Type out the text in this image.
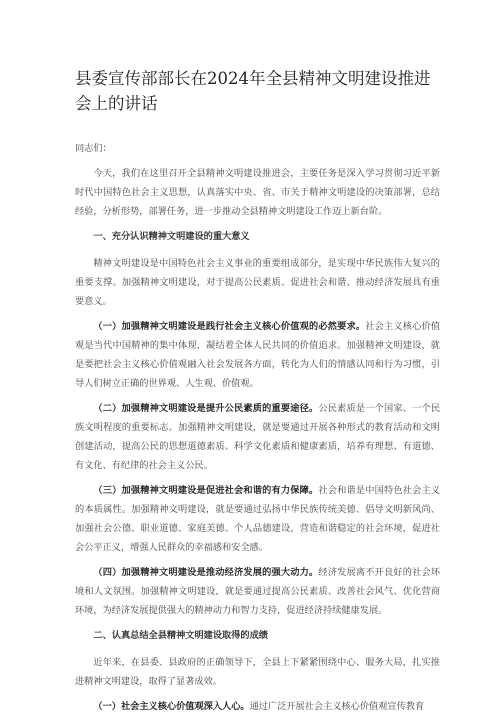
县委宣传部部长在2024年全县精神文明建设推进会上的讲话
同志们：

今天，我们在这里召开全县精神文明建设推进会，主要任务是深入学习贯彻习近平新时代中国特色社会主义思想，认真落实中央、省、市关于精神文明建设的决策部署，总结经验，分析形势，部署任务，进一步推动全县精神文明建设工作迈上新台阶。

一、充分认识精神文明建设的重大意义

精神文明建设是中国特色社会主义事业的重要组成部分，是实现中华民族伟大复兴的重要支撑。加强精神文明建设，对于提高公民素质、促进社会和谐、推动经济发展具有重要意义。

（一）加强精神文明建设是践行社会主义核心价值观的必然要求。社会主义核心价值观是当代中国精神的集中体现，凝结着全体人民共同的价值追求。加强精神文明建设，就是要把社会主义核心价值观融入社会发展各方面，转化为人们的情感认同和行为习惯，引导人们树立正确的世界观、人生观、价值观。

（二）加强精神文明建设是提升公民素质的重要途径。公民素质是一个国家、一个民族文明程度的重要标志。加强精神文明建设，就是要通过开展各种形式的教育活动和文明创建活动，提高公民的思想道德素质、科学文化素质和健康素质，培养有理想、有道德、有文化、有纪律的社会主义公民。

（三）加强精神文明建设是促进社会和谐的有力保障。社会和谐是中国特色社会主义的本质属性。加强精神文明建设，就是要通过弘扬中华民族传统美德、倡导文明新风尚、加强社会公德、职业道德、家庭美德、个人品德建设，营造和谐稳定的社会环境，促进社会公平正义，增强人民群众的幸福感和安全感。

（四）加强精神文明建设是推动经济发展的强大动力。经济发展离不开良好的社会环境和人文氛围。加强精神文明建设，就是要通过提高公民素质、改善社会风气、优化营商环境，为经济发展提供强大的精神动力和智力支持，促进经济持续健康发展。

二、认真总结全县精神文明建设取得的成绩

近年来，在县委、县政府的正确领导下，全县上下紧紧围绕中心、服务大局，扎实推进精神文明建设，取得了显著成效。

（一）社会主义核心价值观深入人心。通过广泛开展社会主义核心价值观宣传教育
